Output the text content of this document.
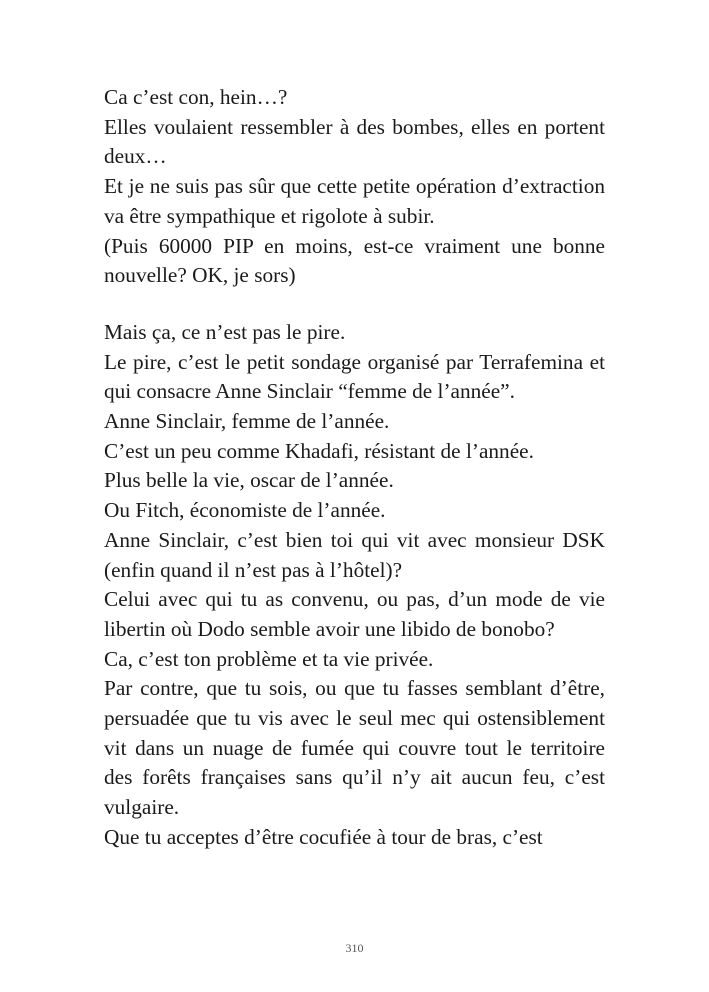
Ca c’est con, hein…?

Elles voulaient ressembler à des bombes, elles en portent deux…

Et je ne suis pas sûr que cette petite opération d’extraction va être sympathique et rigolote à subir.

(Puis 60000 PIP en moins, est-ce vraiment une bonne nouvelle? OK, je sors)

Mais ça, ce n’est pas le pire.

Le pire, c’est le petit sondage organisé par Terrafemina et qui consacre Anne Sinclair “femme de l’année”.

Anne Sinclair, femme de l’année.

C’est un peu comme Khadafi, résistant de l’année.

Plus belle la vie, oscar de l’année.

Ou Fitch, économiste de l’année.

Anne Sinclair, c’est bien toi qui vit avec monsieur DSK (enfin quand il n’est pas à l’hôtel)?

Celui avec qui tu as convenu, ou pas, d’un mode de vie libertin où Dodo semble avoir une libido de bonobo?

Ca, c’est ton problème et ta vie privée.

Par contre, que tu sois, ou que tu fasses semblant d’être, persuadée que tu vis avec le seul mec qui ostensiblement vit dans un nuage de fumée qui couvre tout le territoire des forêts françaises sans qu’il n’y ait aucun feu, c’est vulgaire.

Que tu acceptes d’être cocufiée à tour de bras, c’est

310
